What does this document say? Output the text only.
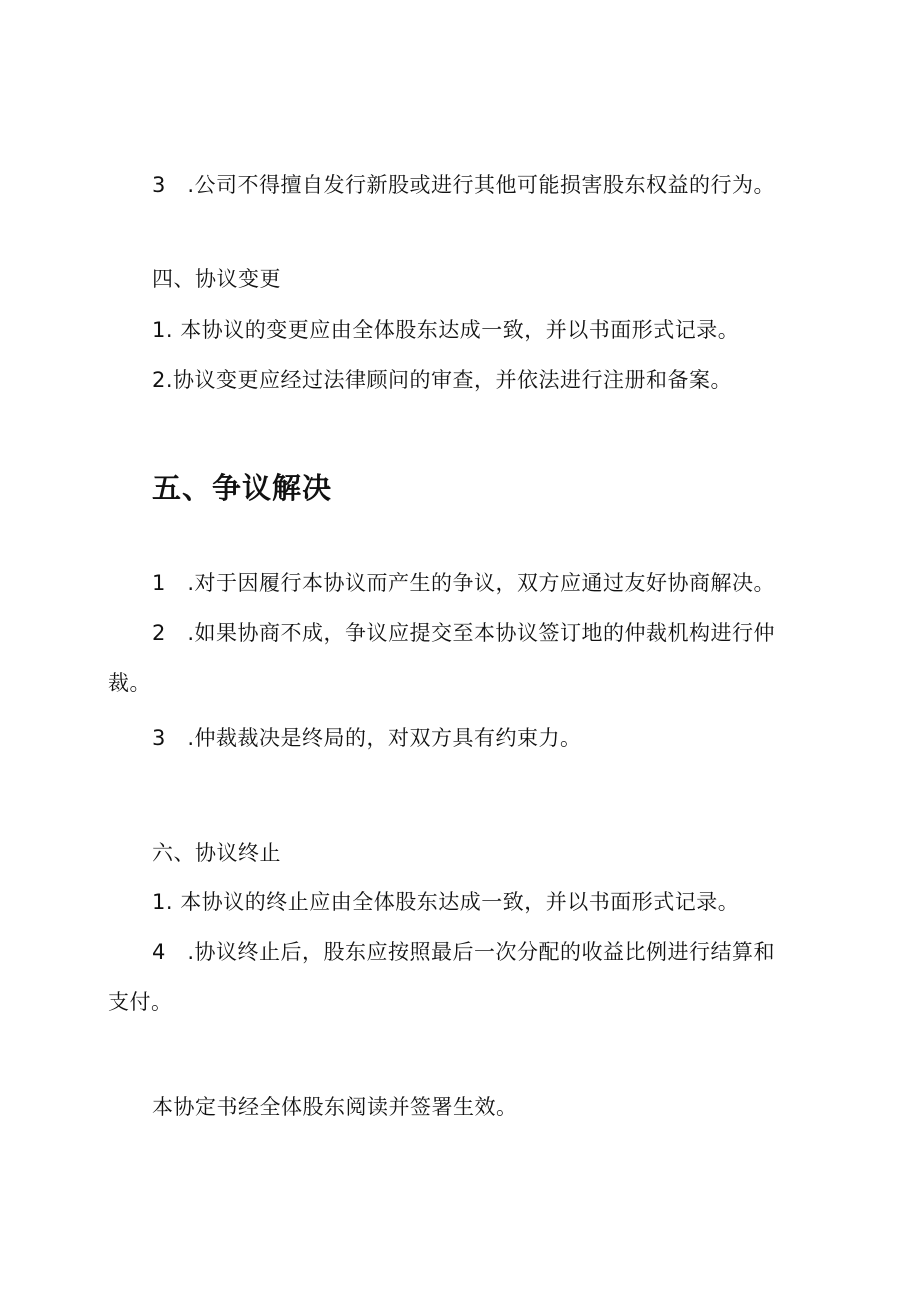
3　.公司不得擅自发行新股或进行其他可能损害股东权益的行为。
四、协议变更
1. 本协议的变更应由全体股东达成一致，并以书面形式记录。
2.协议变更应经过法律顾问的审查，并依法进行注册和备案。
五、争议解决
1　.对于因履行本协议而产生的争议，双方应通过友好协商解决。
2　.如果协商不成，争议应提交至本协议签订地的仲裁机构进行仲
裁。
3　.仲裁裁决是终局的，对双方具有约束力。
六、协议终止
1. 本协议的终止应由全体股东达成一致，并以书面形式记录。
4　.协议终止后，股东应按照最后一次分配的收益比例进行结算和
支付。
本协定书经全体股东阅读并签署生效。
